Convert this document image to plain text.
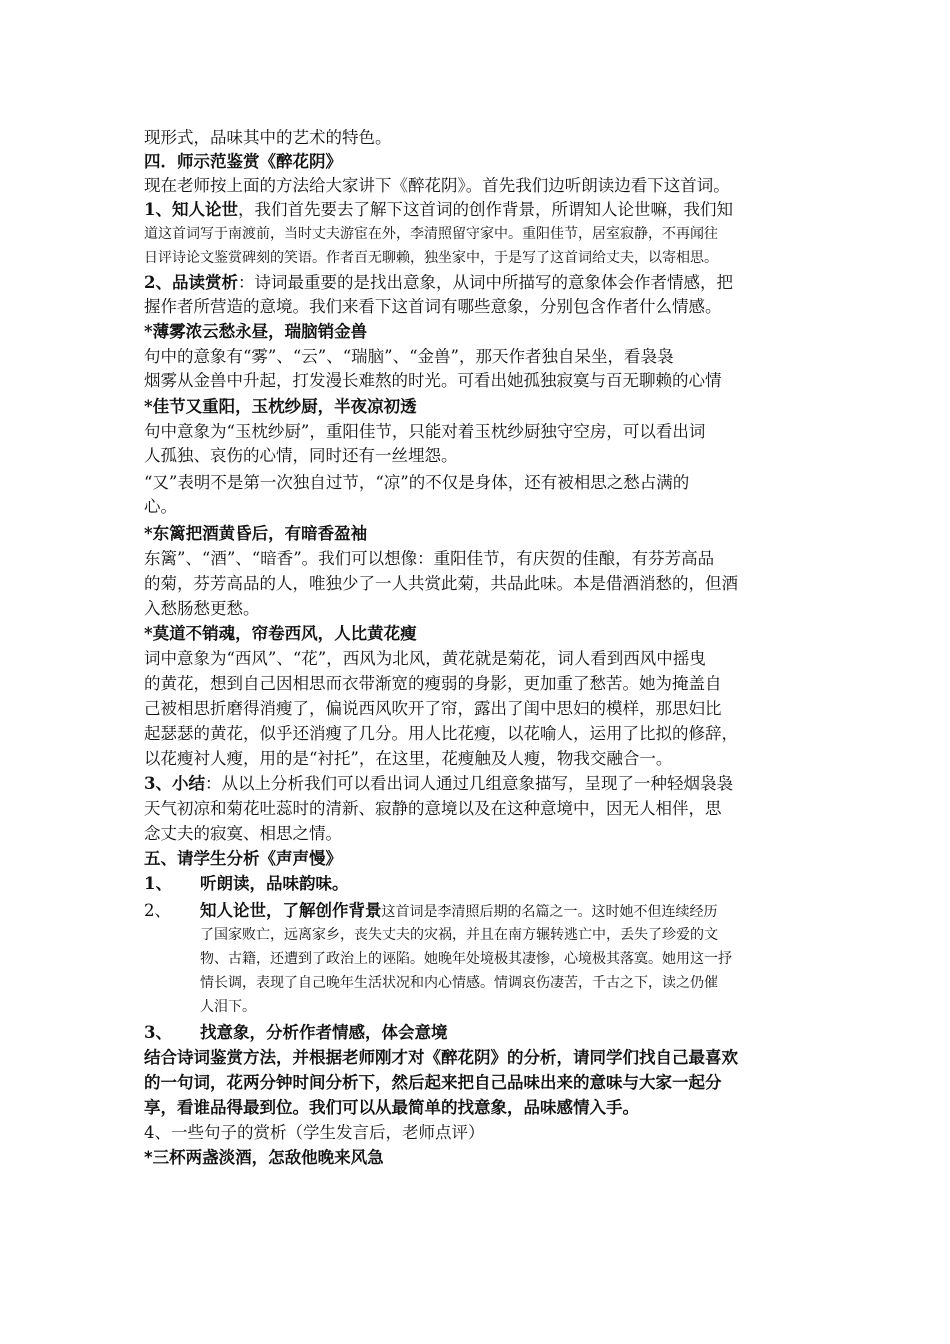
现形式，品味其中的艺术的特色。
四．师示范鉴赏《醉花阴》
现在老师按上面的方法给大家讲下《醉花阴》。首先我们边听朗读边看下这首词。
1、知人论世，我们首先要去了解下这首词的创作背景，所谓知人论世嘛，我们知
道这首词写于南渡前，当时丈夫游宦在外，李清照留守家中。重阳佳节，居室寂静，不再闻往
日评诗论文鉴赏碑刻的笑语。作者百无聊赖，独坐家中，于是写了这首词给丈夫，以寄相思。
2、品读赏析：诗词最重要的是找出意象，从词中所描写的意象体会作者情感，把
握作者所营造的意境。我们来看下这首词有哪些意象，分别包含作者什么情感。
*薄雾浓云愁永昼，瑞脑销金兽
句中的意象有“雾”、“云”、“瑞脑”、“金兽”，那天作者独自呆坐，看袅袅
烟雾从金兽中升起，打发漫长难熬的时光。可看出她孤独寂寞与百无聊赖的心情
*佳节又重阳，玉枕纱厨，半夜凉初透
句中意象为“玉枕纱厨”，重阳佳节，只能对着玉枕纱厨独守空房，可以看出词
人孤独、哀伤的心情，同时还有一丝埋怨。
“又”表明不是第一次独自过节，“凉”的不仅是身体，还有被相思之愁占满的
心。
*东篱把酒黄昏后，有暗香盈袖
东篱”、“酒”、“暗香”。我们可以想像：重阳佳节，有庆贺的佳酿，有芬芳高品
的菊，芬芳高品的人，唯独少了一人共赏此菊，共品此味。本是借酒消愁的，但酒
入愁肠愁更愁。
*莫道不销魂，帘卷西风，人比黄花瘦
词中意象为“西风”、“花”，西风为北风，黄花就是菊花，词人看到西风中摇曳
的黄花，想到自己因相思而衣带渐宽的瘦弱的身影，更加重了愁苦。她为掩盖自
己被相思折磨得消瘦了，偏说西风吹开了帘，露出了闺中思妇的模样，那思妇比
起瑟瑟的黄花，似乎还消瘦了几分。用人比花瘦，以花喻人，运用了比拟的修辞，
以花瘦衬人瘦，用的是“衬托”，在这里，花瘦触及人瘦，物我交融合一。
3、小结：从以上分析我们可以看出词人通过几组意象描写，呈现了一种轻烟袅袅
天气初凉和菊花吐蕊时的清新、寂静的意境以及在这种意境中，因无人相伴，思
念丈夫的寂寞、相思之情。
五、请学生分析《声声慢》
1、 听朗读，品味韵味。
2、 知人论世，了解创作背景这首词是李清照后期的名篇之一。这时她不但连续经历
了国家败亡，远离家乡，丧失丈夫的灾祸，并且在南方辗转逃亡中，丢失了珍爱的文
物、古籍，还遭到了政治上的诬陷。她晚年处境极其凄惨，心境极其落寞。她用这一抒
情长调，表现了自己晚年生活状况和内心情感。情调哀伤凄苦，千古之下，读之仍催
人泪下。
3、 找意象，分析作者情感，体会意境
结合诗词鉴赏方法，并根据老师刚才对《醉花阴》的分析，请同学们找自己最喜欢
的一句词，花两分钟时间分析下，然后起来把自己品味出来的意味与大家一起分
享，看谁品得最到位。我们可以从最简单的找意象，品味感情入手。
4、一些句子的赏析（学生发言后，老师点评）
*三杯两盏淡酒，怎敌他晚来风急
